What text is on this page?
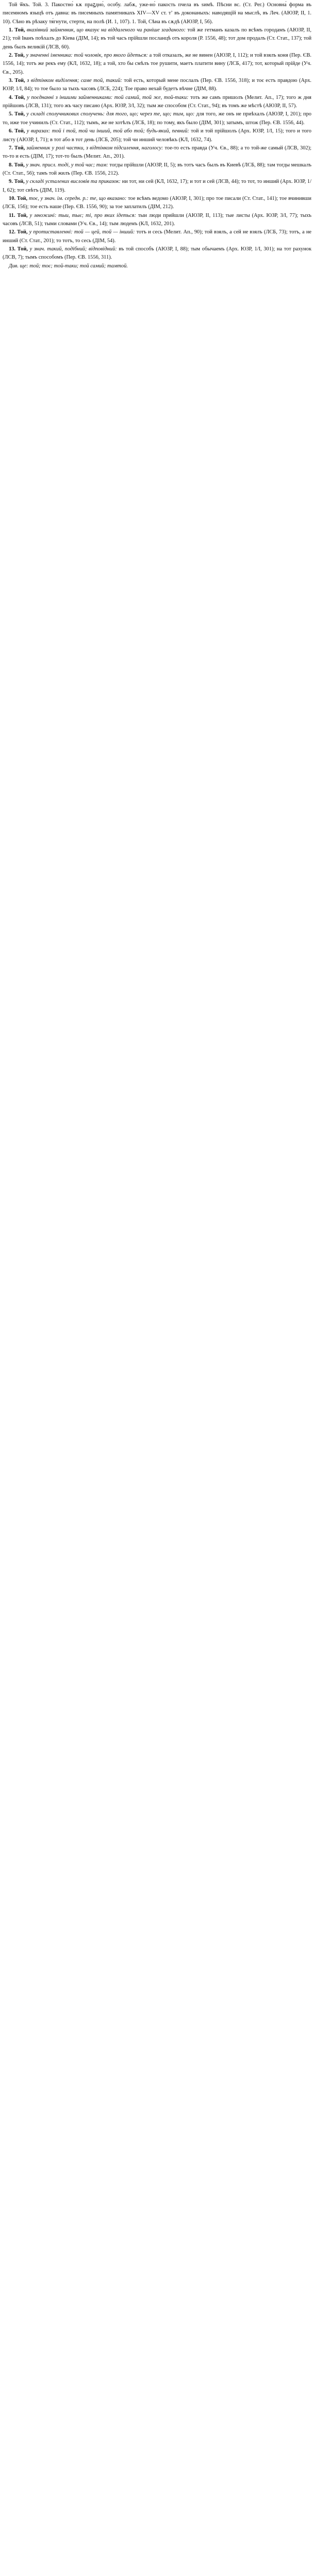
Той ѿкъ. Той. 3. Пакостно́ кѫ праꙁдно́, особу. лабѫ, уже-но́ пакость пчела въ ѕимѣ. Пѣсни вс. (Ст. Рег.) Основна́ форма въ писемномъ языцѣ отъ давна: въ писемныхъ памятникахъ XIV—XV ст. тʼ въ доконаныхъ: наводящїй на мыслѣ, въ Леч. (АЮЗР, II, 1. 10). Сѣно въ рѣзаку тя́гнути, стерти, на полѣ (И. 1, 107). 1. Той, Сѣна въ сѫдѣ (АЮЗР, I, 56).

1. Той, вказівний займенник, що вказує на віддаленого чи раніше згаданого: той же гетманъ казалъ по всѣмъ городамъ (АЮЗР, II, 21); той Іванъ поѣхалъ до Кіева (ДІМ, 14); въ той часъ прійшли посланцѣ отъ короля (Р. 1556, 48); тот дом продалъ (Ст. Стат., 137); той день былъ великій (ЛСВ, 60).

2. Той, у значенні іменника: той чоловік, про якого йдеться: а той отказалъ, же не винен (АЮЗР, I, 112); и той взялъ коня (Пер. ЄВ. 1556, 14); тотъ же рекъ ему (КЛ, 1632, 18); а той, хто бы смѣлъ тое рушити, маетъ платити вину (ЛСБ, 417); тот, который прійде (Уч. Єв., 205).

3. Той, з відтінком виділення; саме той, такий: той есть, который мене послалъ (Пер. ЄВ. 1556, 318); и тоє естъ правдою (Арх. ЮЗР, 1/І, 84); то тое было за тыхъ часовъ (ЛСБ, 224); Тое право нехай будетъ вѣчне (ДІМ, 88).

4. Той, у поєднанні з іншими займенниками: той самий, той же, той-таки: тоть же самъ пришолъ (Мелит. Ап., 17); того ж дня прійшовъ (ЛСВ, 131); того жъ часу писано (Арх. ЮЗР, 3/І, 32); тым же способом (Ст. Стат., 94); въ томъ же мѣстѣ (АЮЗР, II, 57).

5. Той, у складі сполучникових сполучень: для того, що; через те, що; тим, що: для того, же онъ не приѣхалъ (АЮЗР, I, 201); про то, иже тое учинилъ (Ст. Стат., 112); тымъ, же не хотѣлъ (ЛСБ, 18); по тому, якъ было (ДІМ, 301); затымъ, штож (Пер. ЄВ. 1556, 44).

6. Той, у виразах: той і той, той чи інший, той або той; будь-який, певний: той и той прійшолъ (Арх. ЮЗР, 1/І, 15); того и того листу (АЮЗР, I, 71); в тот або в тот день (ЛСБ, 205); той чи инший человѣкъ (КЛ, 1632, 74).

7. Той, займенник у ролі частки, з відтінком підсилення, наголосу: тое-то есть правда (Уч. Єв., 88); а то той-же самый (ЛСВ, 302); то-то и есть (ДІМ, 17); тот-то былъ (Мелит. Ап., 201).

8. Той, у знач. присл. тоді, у той час; там: тогды прійшли (АЮЗР, II, 5); въ тотъ часъ былъ въ Киевѣ (ЛСБ, 88); там тогды мешкалъ (Ст. Стат., 56); тамъ той жилъ (Пер. ЄВ. 1556, 212).

9. Той, у складі усталених висловів та приказок: ни тот, ни сей (КЛ, 1632, 17); и тот и сей (ЛСВ, 44); то тот, то инший (Арх. ЮЗР, 1/І, 62); тот свѣтъ (ДІМ, 119).

10. Той, тоє, у знач. ім. середн. р.: те, що вказано: тое всѣмъ ведомо (АЮЗР, I, 301); про тое писали (Ст. Стат., 141); тое вчинивши (ЛСБ, 156); тое есть наше (Пер. ЄВ. 1556, 90); за тое заплатилъ (ДІМ, 212).

11. Той, у множині: тыи, тыє; ті, про яких ідеться: тыи люди прийшли (АЮЗР, II, 113); тые листы (Арх. ЮЗР, 3/І, 77); тыхъ часовъ (ЛСВ, 51); тыми словами (Уч. Єв., 14); тым людемъ (КЛ, 1632, 201).

12. Той, у протиставленні: той — цей, той — інший: тотъ и сесь (Мелит. Ап., 90); той взялъ, а сей не взялъ (ЛСБ, 73); тотъ, а не инший (Ст. Стат., 201); то тотъ, то сесь (ДІМ, 54).

13. Той, у знач. такий, подібний; відповідний: въ той способъ (АЮЗР, I, 88); тым обычаемъ (Арх. ЮЗР, 1/І, 301); на тот рахунок (ЛСВ, 7); тымъ способомъ (Пер. ЄВ. 1556, 311).

Див. ще: той; тоє; той-таки; той самий; тамтой.
